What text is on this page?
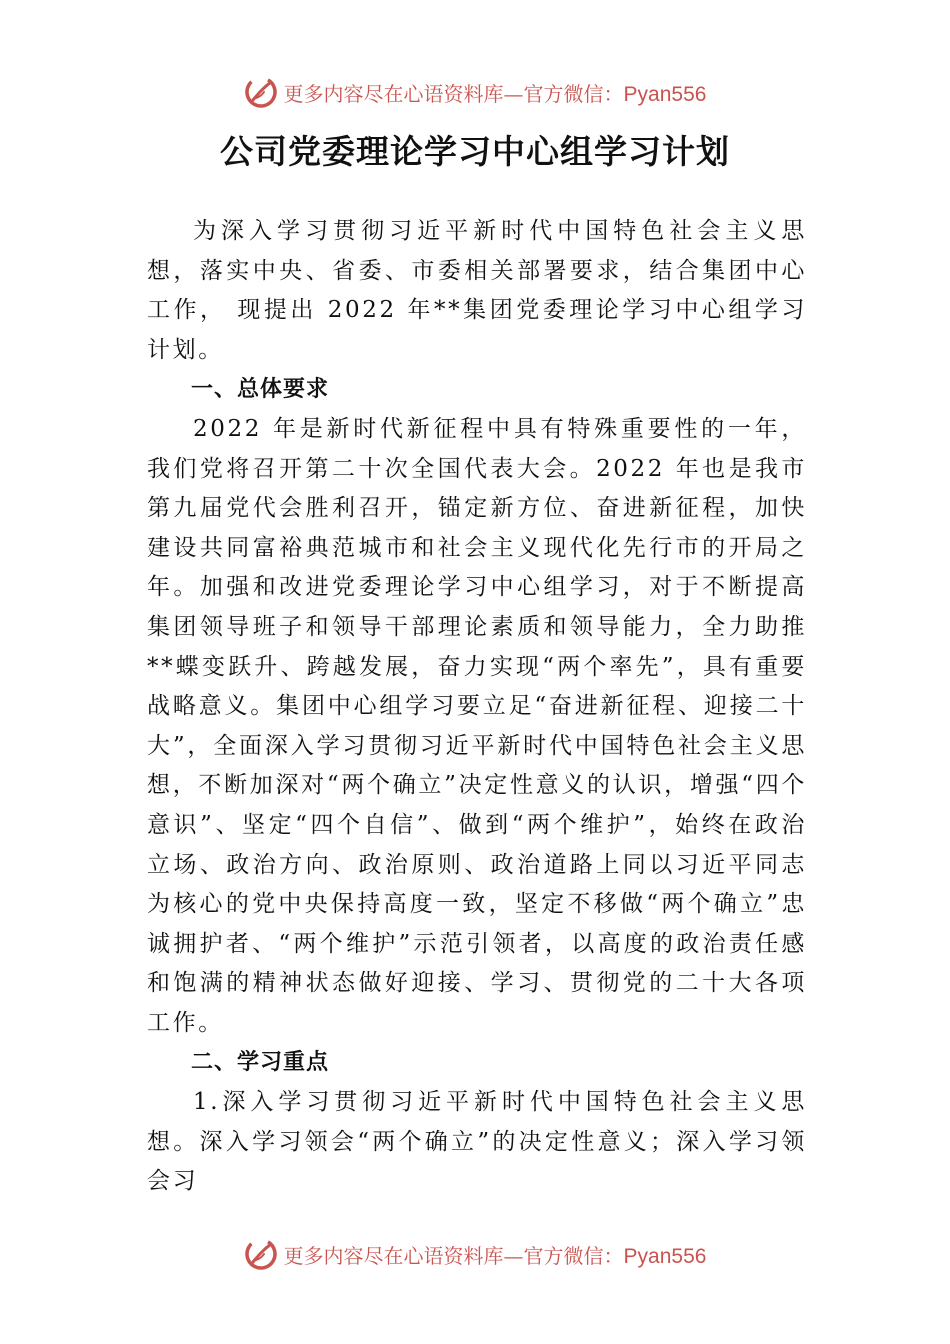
更多内容尽在心语资料库—官方微信：Pyan556
公司党委理论学习中心组学习计划

为深入学习贯彻习近平新时代中国特色社会主义思想，落实中央、省委、市委相关部署要求，结合集团中心工作， 现提出 2022 年**集团党委理论学习中心组学习计划。

一、总体要求

2022 年是新时代新征程中具有特殊重要性的一年，我们党将召开第二十次全国代表大会。2022 年也是我市第九届党代会胜利召开，锚定新方位、奋进新征程，加快建设共同富裕典范城市和社会主义现代化先行市的开局之年。加强和改进党委理论学习中心组学习，对于不断提高集团领导班子和领导干部理论素质和领导能力，全力助推**蝶变跃升、跨越发展，奋力实现“两个率先”，具有重要战略意义。集团中心组学习要立足“奋进新征程、迎接二十大”，全面深入学习贯彻习近平新时代中国特色社会主义思想，不断加深对“两个确立”决定性意义的认识，增强“四个意识”、坚定“四个自信”、做到“两个维护”，始终在政治立场、政治方向、政治原则、政治道路上同以习近平同志为核心的党中央保持高度一致，坚定不移做“两个确立”忠诚拥护者、“两个维护”示范引领者，以高度的政治责任感和饱满的精神状态做好迎接、学习、贯彻党的二十大各项工作。

二、学习重点

1.深入学习贯彻习近平新时代中国特色社会主义思想。深入学习领会“两个确立”的决定性意义；深入学习领会习

更多内容尽在心语资料库—官方微信：Pyan556
